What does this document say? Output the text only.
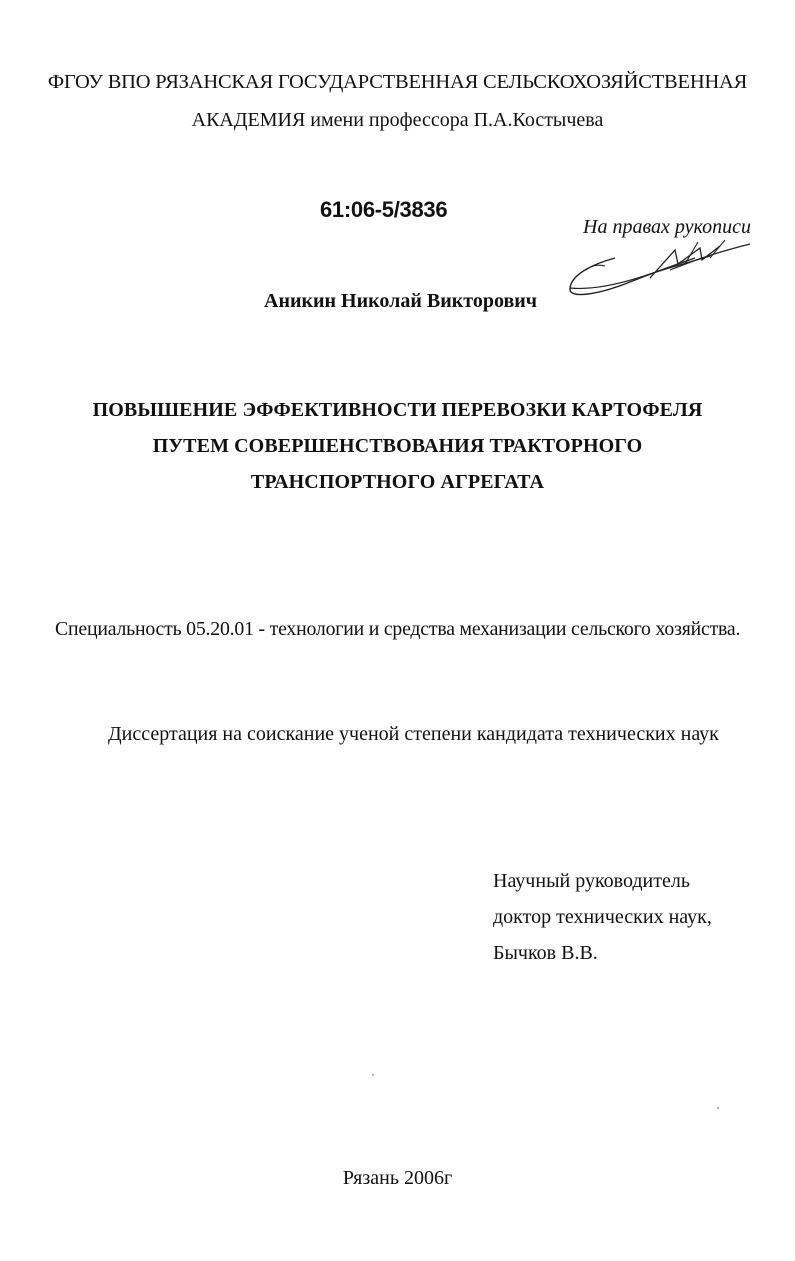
ФГОУ ВПО РЯЗАНСКАЯ ГОСУДАРСТВЕННАЯ СЕЛЬСКОХОЗЯЙСТВЕННАЯ
АКАДЕМИЯ имени профессора П.А.Костычева
61:06-5/3836
На правах рукописи
Аникин Николай Викторович
ПОВЫШЕНИЕ ЭФФЕКТИВНОСТИ ПЕРЕВОЗКИ КАРТОФЕЛЯ
ПУТЕМ СОВЕРШЕНСТВОВАНИЯ ТРАКТОРНОГО
ТРАНСПОРТНОГО АГРЕГАТА
Специальность 05.20.01 - технологии и средства механизации сельского хозяйства.
Диссертация на соискание ученой степени кандидата технических наук
Научный руководитель
доктор технических наук,
Бычков В.В.
Рязань 2006г
